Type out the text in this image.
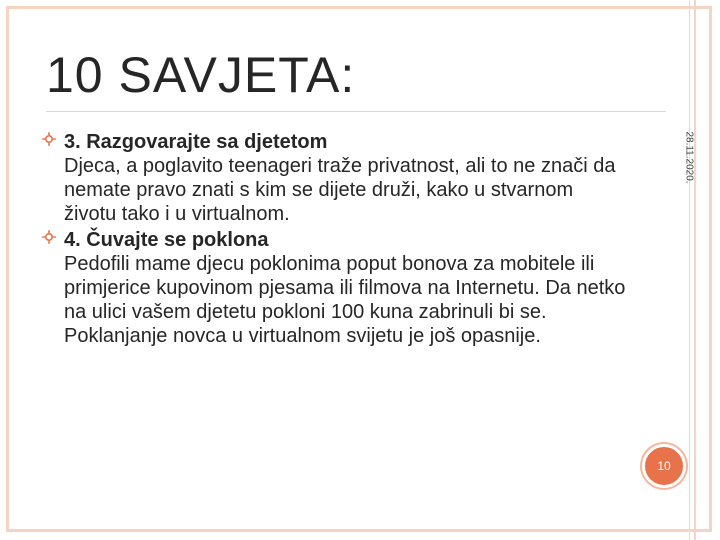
10 SAVJETA:
28.11.2020.
3. Razgovarajte sa djetetom
Djeca, a poglavito teenageri traže privatnost, ali to ne znači da nemate pravo znati s kim se dijete druži, kako u stvarnom životu tako i u virtualnom.
4. Čuvajte se poklona
Pedofili mame djecu poklonima poput bonova za mobitele ili primjerice kupovinom pjesama ili filmova na Internetu. Da netko na ulici vašem djetetu pokloni 100 kuna zabrinuli bi se. Poklanjanje novca u virtualnom svijetu je još opasnije.
10
